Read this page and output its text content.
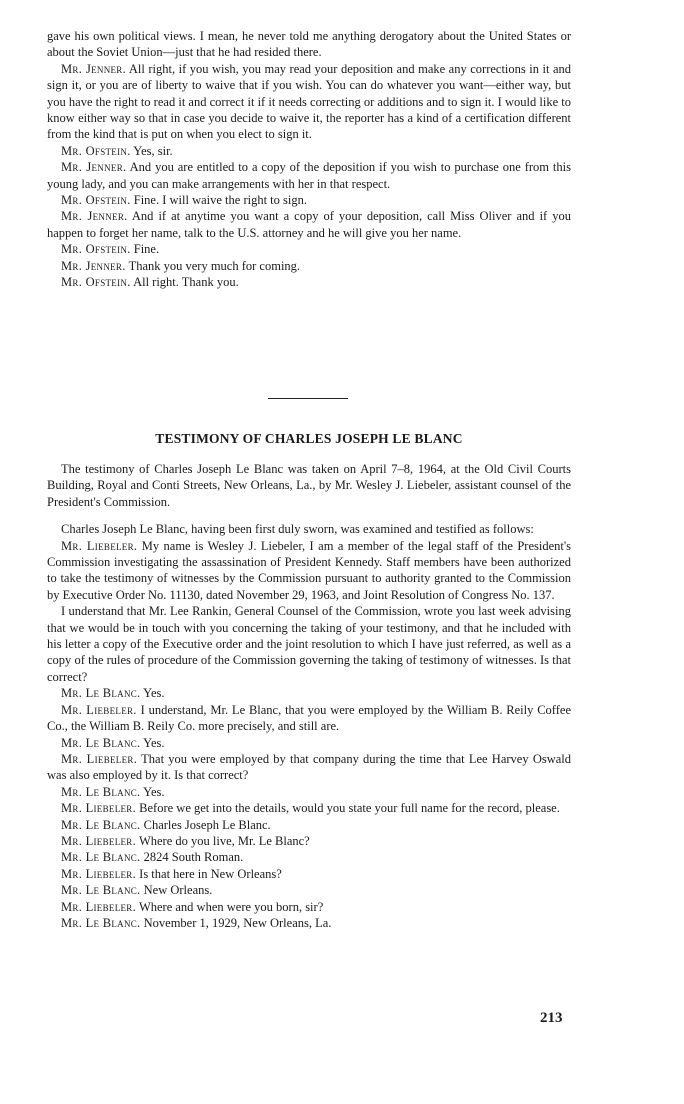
gave his own political views. I mean, he never told me anything derogatory about the United States or about the Soviet Union—just that he had resided there.

Mr. Jenner. All right, if you wish, you may read your deposition and make any corrections in it and sign it, or you are of liberty to waive that if you wish. You can do whatever you want—either way, but you have the right to read it and correct it if it needs correcting or additions and to sign it. I would like to know either way so that in case you decide to waive it, the reporter has a kind of a certification different from the kind that is put on when you elect to sign it.

Mr. Ofstein. Yes, sir.

Mr. Jenner. And you are entitled to a copy of the deposition if you wish to purchase one from this young lady, and you can make arrangements with her in that respect.

Mr. Ofstein. Fine. I will waive the right to sign.

Mr. Jenner. And if at anytime you want a copy of your deposition, call Miss Oliver and if you happen to forget her name, talk to the U.S. attorney and he will give you her name.

Mr. Ofstein. Fine.

Mr. Jenner. Thank you very much for coming.

Mr. Ofstein. All right. Thank you.

TESTIMONY OF CHARLES JOSEPH LE BLANC

The testimony of Charles Joseph Le Blanc was taken on April 7–8, 1964, at the Old Civil Courts Building, Royal and Conti Streets, New Orleans, La., by Mr. Wesley J. Liebeler, assistant counsel of the President's Commission.

Charles Joseph Le Blanc, having been first duly sworn, was examined and testified as follows:

Mr. Liebeler. My name is Wesley J. Liebeler, I am a member of the legal staff of the President's Commission investigating the assassination of President Kennedy. Staff members have been authorized to take the testimony of witnesses by the Commission pursuant to authority granted to the Commission by Executive Order No. 11130, dated November 29, 1963, and Joint Resolution of Congress No. 137.

I understand that Mr. Lee Rankin, General Counsel of the Commission, wrote you last week advising that we would be in touch with you concerning the taking of your testimony, and that he included with his letter a copy of the Executive order and the joint resolution to which I have just referred, as well as a copy of the rules of procedure of the Commission governing the taking of testimony of witnesses. Is that correct?

Mr. Le Blanc. Yes.

Mr. Liebeler. I understand, Mr. Le Blanc, that you were employed by the William B. Reily Coffee Co., the William B. Reily Co. more precisely, and still are.

Mr. Le Blanc. Yes.

Mr. Liebeler. That you were employed by that company during the time that Lee Harvey Oswald was also employed by it. Is that correct?

Mr. Le Blanc. Yes.

Mr. Liebeler. Before we get into the details, would you state your full name for the record, please.

Mr. Le Blanc. Charles Joseph Le Blanc.

Mr. Liebeler. Where do you live, Mr. Le Blanc?

Mr. Le Blanc. 2824 South Roman.

Mr. Liebeler. Is that here in New Orleans?

Mr. Le Blanc. New Orleans.

Mr. Liebeler. Where and when were you born, sir?

Mr. Le Blanc. November 1, 1929, New Orleans, La.

213
